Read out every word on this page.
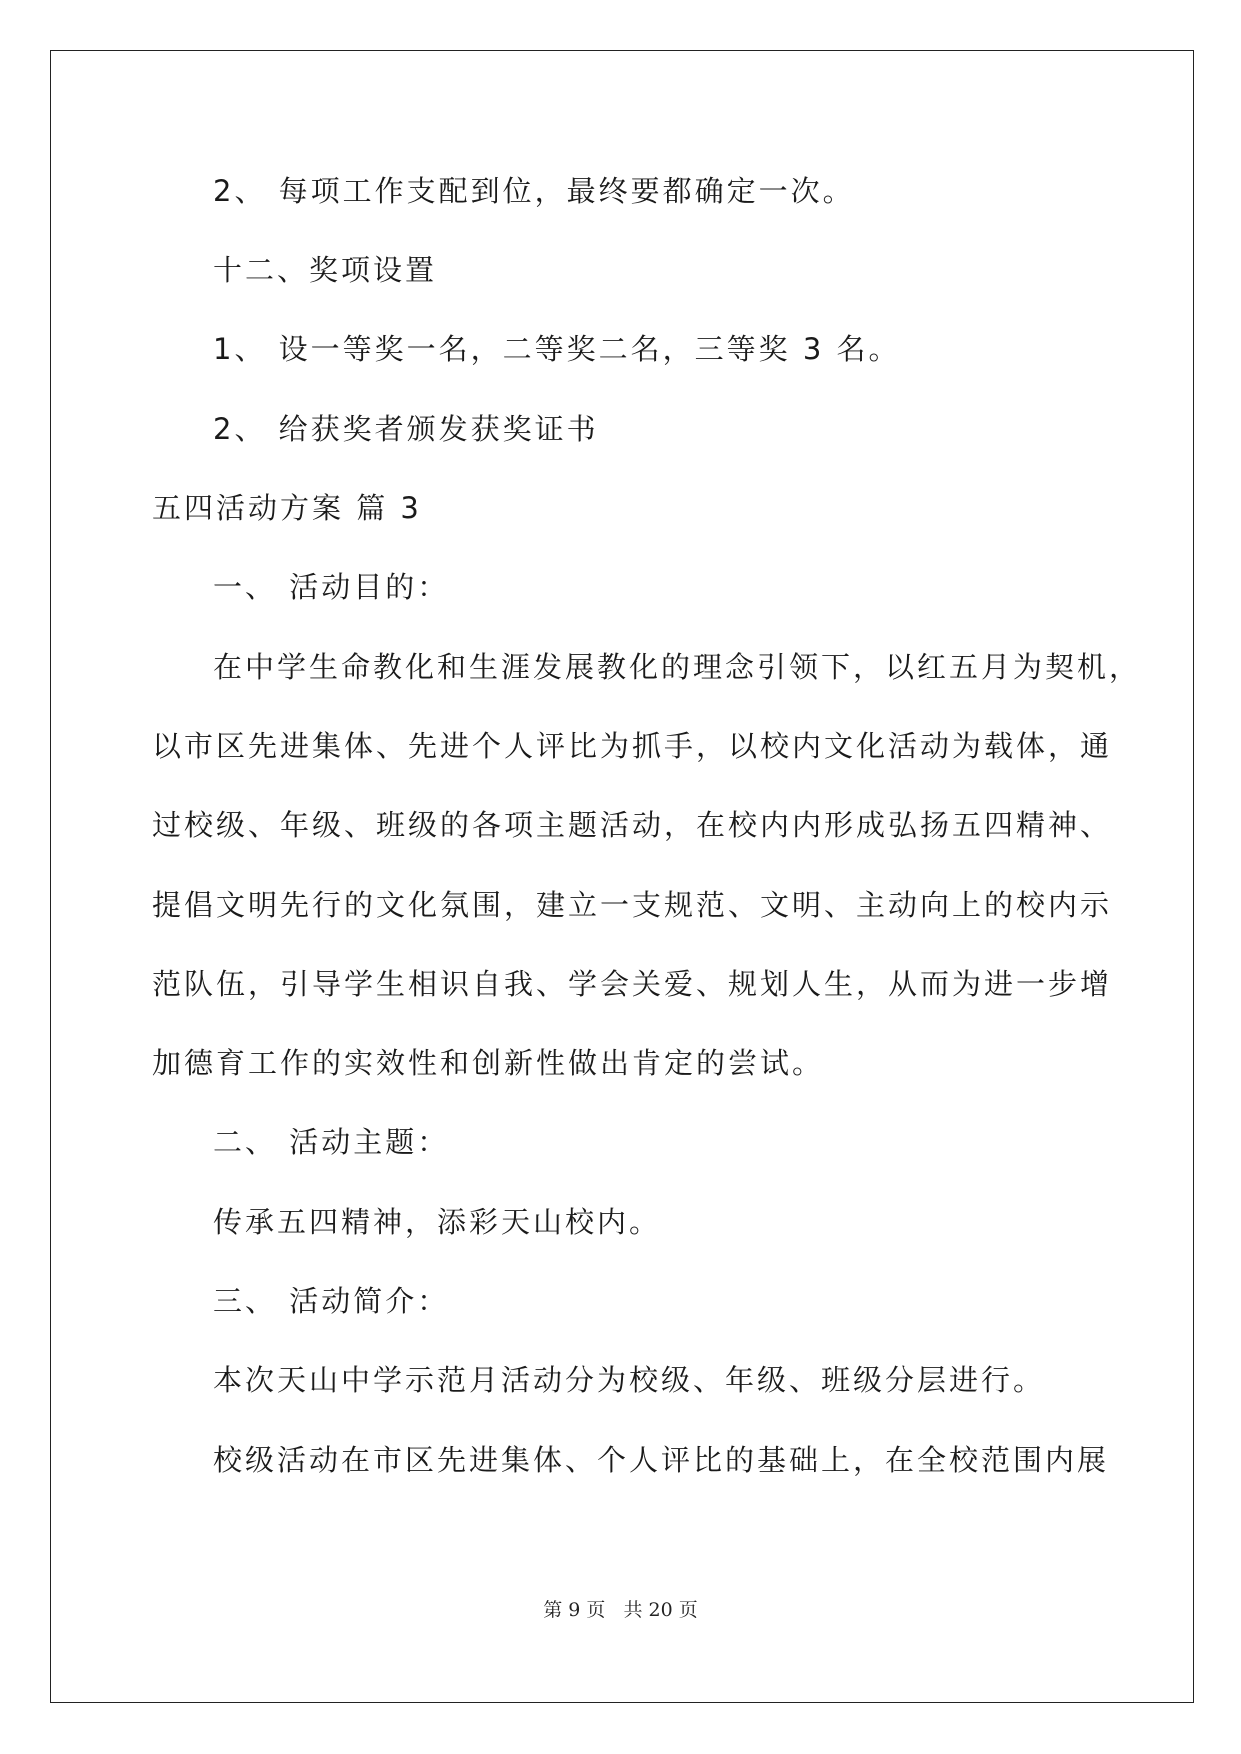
2、 每项工作支配到位，最终要都确定一次。
十二、奖项设置
1、 设一等奖一名，二等奖二名，三等奖 3 名。
2、 给获奖者颁发获奖证书
五四活动方案 篇 3
一、 活动目的：
在中学生命教化和生涯发展教化的理念引领下，以红五月为契机，
以市区先进集体、先进个人评比为抓手，以校内文化活动为载体，通
过校级、年级、班级的各项主题活动，在校内内形成弘扬五四精神、
提倡文明先行的文化氛围，建立一支规范、文明、主动向上的校内示
范队伍，引导学生相识自我、学会关爱、规划人生，从而为进一步增
加德育工作的实效性和创新性做出肯定的尝试。
二、 活动主题：
传承五四精神，添彩天山校内。
三、 活动简介：
本次天山中学示范月活动分为校级、年级、班级分层进行。
校级活动在市区先进集体、个人评比的基础上，在全校范围内展
第 9 页   共 20 页
